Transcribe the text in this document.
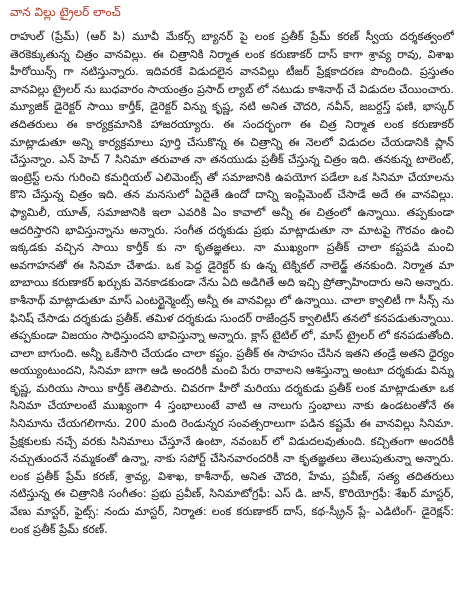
వాన విల్లు ట్రైలర్ లాంచ్

రాహుల్ (ప్రేమ్) (ఆర్ పి) మూవీ మేకర్స్ బ్యానర్ పై లంక ప్రతీక్ ప్రేమ్ కరణ్ స్వీయ దర్శకత్వంలో తెరకెక్కుతున్న చిత్రం వానవిల్లు. ఈ చిత్రానికి నిర్మాత లంక కరుణాకర్ దాస్ కాగా శ్రావ్య రావు, విశాఖ హీరోయిన్స్ గా నటిస్తున్నారు. ఇదివరకే విడుదలైన వానవిల్లు టీజర్ ప్రేక్షకాదరణ పొందింది. ప్రస్తుతం వానవిల్లు ట్రైలర్ ను బుధవారం సాయంత్రం ప్రసాద్ ల్యాబ్ లో నటుడు కాశినాథ్ చే విడుదల చేయించారు. మ్యూజిక్ డైరెక్టర్ సాయి కార్తీక్, డైరెక్టర్ విన్ను కృష్ణ, నటి అనిత చౌదరి, నవీన్, జబర్దస్త్ ఫణి, భాస్కర్ తదితరులు ఈ కార్యక్రమానికి హాజరయ్యారు. ఈ సందర్భంగా ఈ చిత్ర నిర్మాత లంక కరుణాకర్ మాట్లాడుతూ అన్ని కార్యక్రమాలు పూర్తి చేసుకొన్న ఈ చిత్రాన్ని ఈ నెలలో విడుదల చేయడానికి ప్లాన్ చేస్తున్నాం. ఎన్ హెచ్ 7 సినిమా తరువాత నా తనయుడు ప్రతీక్ చేస్తున్న చిత్రం ఇది. తనకున్న టాలెంట్, ఇంట్రెస్ట్ లను గురించి కమర్షియల్ ఎలిమెంట్స్ తో సమాజానికి ఉపయోగ పడేలా ఒక సినిమా చేయాలను కొని చేస్తున్న చిత్రం ఇది. తన మనసులో ఏదైతే ఉందో దాన్ని ఇంప్లిమెంట్ చేసాడే అదే ఈ వానవిల్లు. ఫ్యామిలీ, యూత్, సమాజానికి ఇలా ఎవరికి ఏం కావాలో అన్నీ ఈ చిత్రంలో ఉన్నాయి. తప్పకుండా ఆదరిస్తారని భావిస్తున్నాను అన్నారు. సంగీత దర్శకుడు ప్రభు మాట్లాడుతూ నా మాటపై గౌరవం ఉంచి ఇక్కడకు వచ్చిన సాయి కార్తీక్ కు నా కృతజ్ఞతలు. నా ముఖ్యంగా ప్రతీక్ చాలా కష్టపడి మంచి అవగాహనతో ఈ సినిమా చేశాడు. ఒక పెద్ద డైరెక్టర్ కు ఉన్న టెక్నికల్ నాలెడ్జ్ తనకుంది. నిర్మాత మా బాబాయి కరుణాకర్ ఖర్చుకు వెనకాడకుండా నేను ఏది అడిగితే అది ఇచ్చి ప్రోత్సాహిందారు అని అన్నారు. కాశీనాథ్ మాట్లాడుతూ మాస్ ఎంటర్టైన్మెంట్స్ అన్నీ ఈ వానవిల్లు లో ఉన్నాయి. చాలా క్వాలిటీ గా సీన్స్ ను ఫినిష్ చేసాడు దర్శకుడు ప్రతీక్. తమిళ దర్శకుడు సుందర్ రాజేంద్రన్ క్వాలిటీస్ తనలో కనపడుతున్నాయి. తప్పకుండా విజయం సాధిస్తుందని భావిస్తున్నా అన్నారు. క్లాస్ టైటిల్ లో, మాస్ ట్రైలర్ లో కనపడుతోంది. చాలా బాగుంది. అన్నీ ఒకేసారి చేయడం చాలా కష్టం. ప్రతీక్ ఈ సాహసం చేసిన ఇతని తండ్రే అతని ధైర్యం అయ్యుంటుందని, సినిమా బాగా ఆడి అందరికీ మంచి పేరు రావాలని ఆశిస్తున్నా అంటూ దర్శకుడు విన్ను కృష్ణ, మరియు సాయి కార్తీక్ తెలిపారు. చివరగా హీరో మరియు దర్శకుడు ప్రతీక్ లంక మాట్లాడుతూ ఒక సినిమా చేయాలంటే ముఖ్యంగా 4 స్తంభాలుంటే వాటి ఆ నాలుగు స్తంభాలు నాకు ఉండటంతోనే ఈ సినిమాను చేయగలిగాను. 200 మంది రెండున్నర సంవత్సరాలుగా పడిన కష్టమే ఈ వానవిల్లు సినిమా. ప్రేక్షకులకు నచ్చే వరకు సినిమాలు చేస్తూనే ఉంటా, నవంబర్ లో విడుదలవుతుంది. కచ్చితంగా అందరికీ నచ్చుతుందనే నమ్మకంతో ఉన్నా, నాకు సపోర్ట్ చేసినవారందరికీ నా కృతజ్ఞతలు తెలుపుతున్నా అన్నారు. లంక ప్రతీక్ ప్రేమ్ కరణ్, శ్రావ్య, విశాఖ, కాశీనాథ్, అనిత చౌదరి, హేమ, ప్రవీణ్, సత్య తదితరులు నటిస్తున్న ఈ చిత్రానికి సంగీతం: ప్రభు ప్రవీణ్, సినిమాటోగ్రఫీ: ఎస్ డి. జాన్, కొరియోగ్రఫీ: శేఖర్ మాస్టర్, వేణు మాస్టర్, ఫైట్స్: నందు మాస్టర్, నిర్మాత: లంక కరుణాకర్ దాస్, కథ-స్క్రీన్ ప్లే- ఎడిటింగ్- డైరెక్షన్: లంక ప్రతీక్ ప్రేమ్ కరణ్.
